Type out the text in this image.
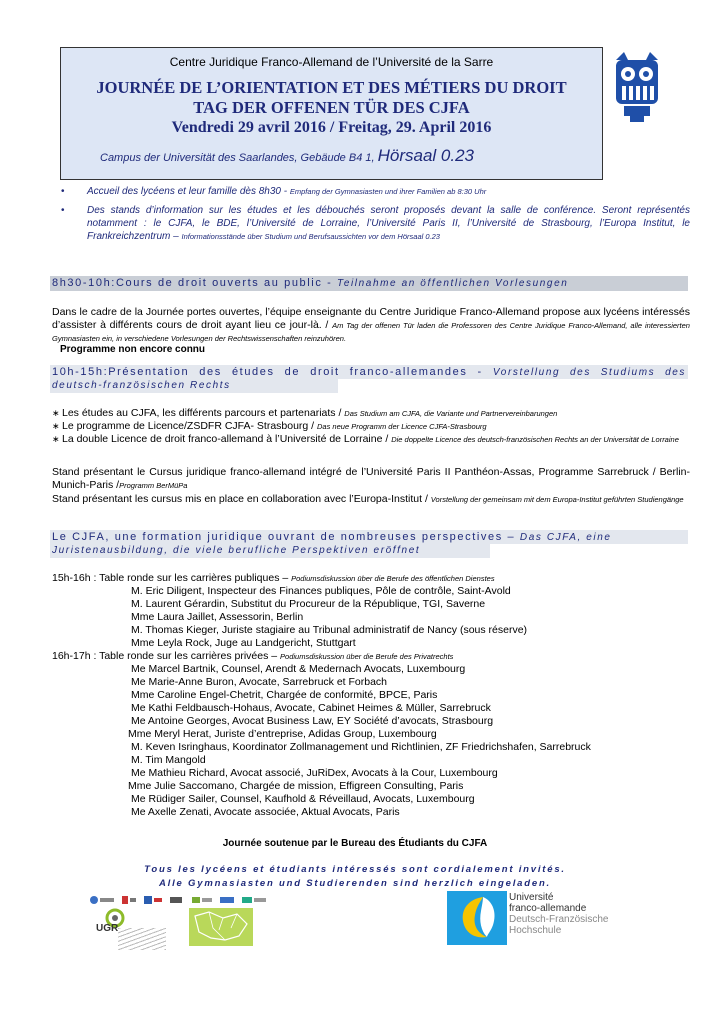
Centre Juridique Franco-Allemand de l’Université de la Sarre
JOURNÉE DE L’ORIENTATION ET DES MÉTIERS DU DROIT
TAG DER OFFENEN TÜR DES CJFA
Vendredi 29 avril 2016 / Freitag, 29. April 2016
Campus der Universität des Saarlandes, Gebäude B4 1, Hörsaal 0.23
• Accueil des lycéens et leur famille dès 8h30 - Empfang der Gymnasiasten und ihrer Familien ab 8:30 Uhr
• Des stands d’information sur les études et les débouchés seront proposés devant la salle de conférence. Seront représentés notamment : le CJFA, le BDE, l’Université de Lorraine, l’Université Paris II, l’Université de Strasbourg, l’Europa Institut, le Frankreichzentrum – Informationsstände über Studium und Berufsaussichten vor dem Hörsaal 0.23
8h30-10h:Cours de droit ouverts au public - Teilnahme an öffentlichen Vorlesungen
Dans le cadre de la Journée portes ouvertes, l’équipe enseignante du Centre Juridique Franco-Allemand propose aux lycéens intéressés d’assister à différents cours de droit ayant lieu ce jour-là. / Am Tag der offenen Tür laden die Professoren des Centre Juridique Franco-Allemand, alle interessierten Gymnasiasten ein, in verschiedene Vorlesungen der Rechtswissenschaften reinzuhören.
Programme non encore connu
10h-15h:Présentation des études de droit franco-allemandes - Vorstellung des Studiums des deutsch-französischen Rechts
∗ Les études au CJFA, les différents parcours et partenariats / Das Studium am CJFA, die Variante und Partnervereinbarungen
∗ Le programme de Licence/ZSDFR CJFA- Strasbourg / Das neue Programm der Licence CJFA-Strasbourg
∗ La double Licence de droit franco-allemand à l’Université de Lorraine / Die doppelte Licence des deutsch-französischen Rechts an der Universität de Lorraine
Stand présentant le Cursus juridique franco-allemand intégré de l’Université Paris II Panthéon-Assas, Programme Sarrebruck / Berlin-Munich-Paris /Programm BerMüPa
Stand présentant les cursus mis en place en collaboration avec l’Europa-Institut / Vorstellung der gemeinsam mit dem Europa-Institut geführten Studiengänge
Le CJFA, une formation juridique ouvrant de nombreuses perspectives – Das CJFA, eine Juristenausbildung, die viele berufliche Perspektiven eröffnet
15h-16h : Table ronde sur les carrières publiques – Podiumsdiskussion über die Berufe des öffentlichen Dienstes
M. Eric Diligent, Inspecteur des Finances publiques, Pôle de contrôle, Saint-Avold
M. Laurent Gérardin, Substitut du Procureur de la République, TGI, Saverne
Mme Laura Jaillet, Assessorin, Berlin
M. Thomas Kieger, Juriste stagiaire au Tribunal administratif de Nancy (sous réserve)
Mme Leyla Rock, Juge au Landgericht, Stuttgart
16h-17h : Table ronde sur les carrières privées – Podiumsdiskussion über die Berufe des Privatrechts
Me Marcel Bartnik, Counsel, Arendt & Medernach Avocats, Luxembourg
Me Marie-Anne Buron, Avocate, Sarrebruck et Forbach
Mme Caroline Engel-Chetrit, Chargée de conformité, BPCE, Paris
Me Kathi Feldbausch-Hohaus, Avocate, Cabinet Heimes & Müller, Sarrebruck
Me Antoine Georges, Avocat Business Law, EY Société d’avocats, Strasbourg
Mme Meryl Herat, Juriste d’entreprise, Adidas Group, Luxembourg
M. Keven Isringhaus, Koordinator Zollmanagement und Richtlinien, ZF Friedrichshafen, Sarrebruck
M. Tim Mangold
Me Mathieu Richard, Avocat associé, JuRiDex, Avocats à la Cour, Luxembourg
Mme Julie Saccomano, Chargée de mission, Effigreen Consulting, Paris
Me Rüdiger Sailer, Counsel, Kaufhold & Réveillaud, Avocats, Luxembourg
Me Axelle Zenati, Avocate associée, Aktual Avocats, Paris
Journée soutenue par le Bureau des Étudiants du CJFA
Tous les lycéens et étudiants intéressés sont cordialement invités.
Alle Gymnasiasten und Studierenden sind herzlich eingeladen.
UGR
Université
franco-allemande
Deutsch-Französische
Hochschule
